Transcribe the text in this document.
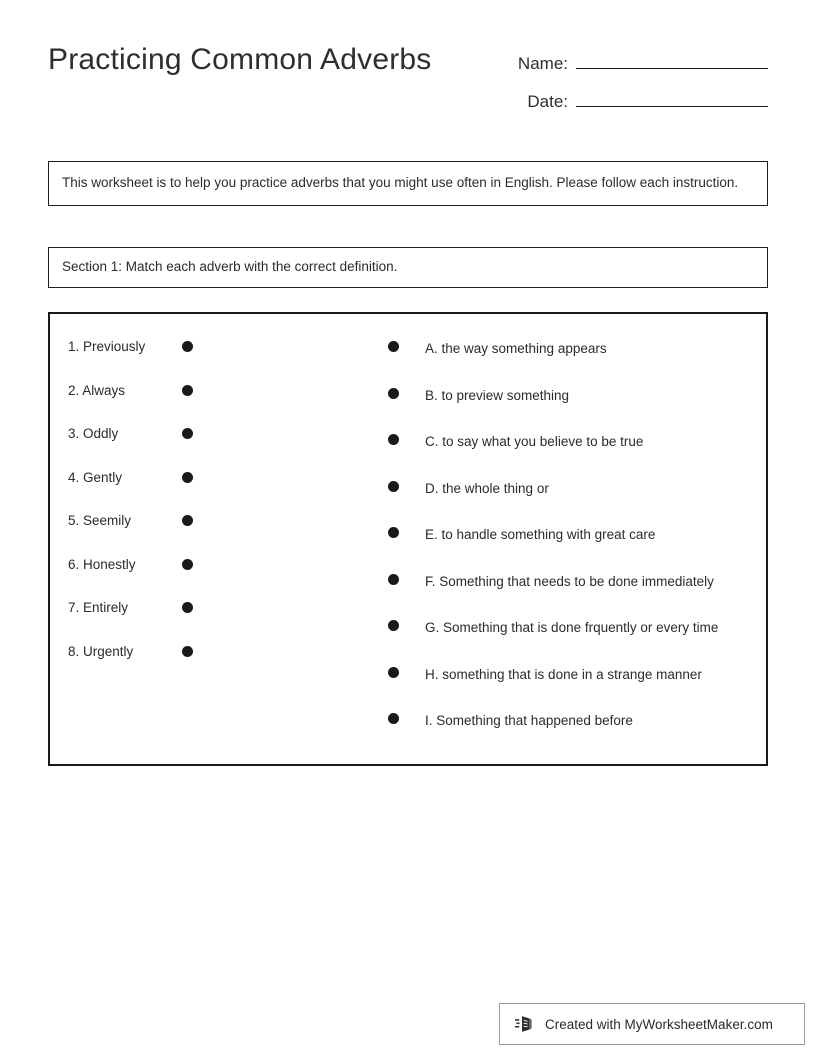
Practicing Common Adverbs	Name:
Date:
This worksheet is to help you practice adverbs that you might use often in English. Please follow each instruction.
Section 1: Match each adverb with the correct definition.
1. Previously
2. Always
3. Oddly
4. Gently
5. Seemily
6. Honestly
7. Entirely
8. Urgently
A. the way something appears
B. to preview something
C. to say what you believe to be true
D. the whole thing or
E. to handle something with great care
F. Something that needs to be done immediately
G. Something that is done frquently or every time
H. something that is done in a strange manner
I. Something that happened before
Created with MyWorksheetMaker.com
